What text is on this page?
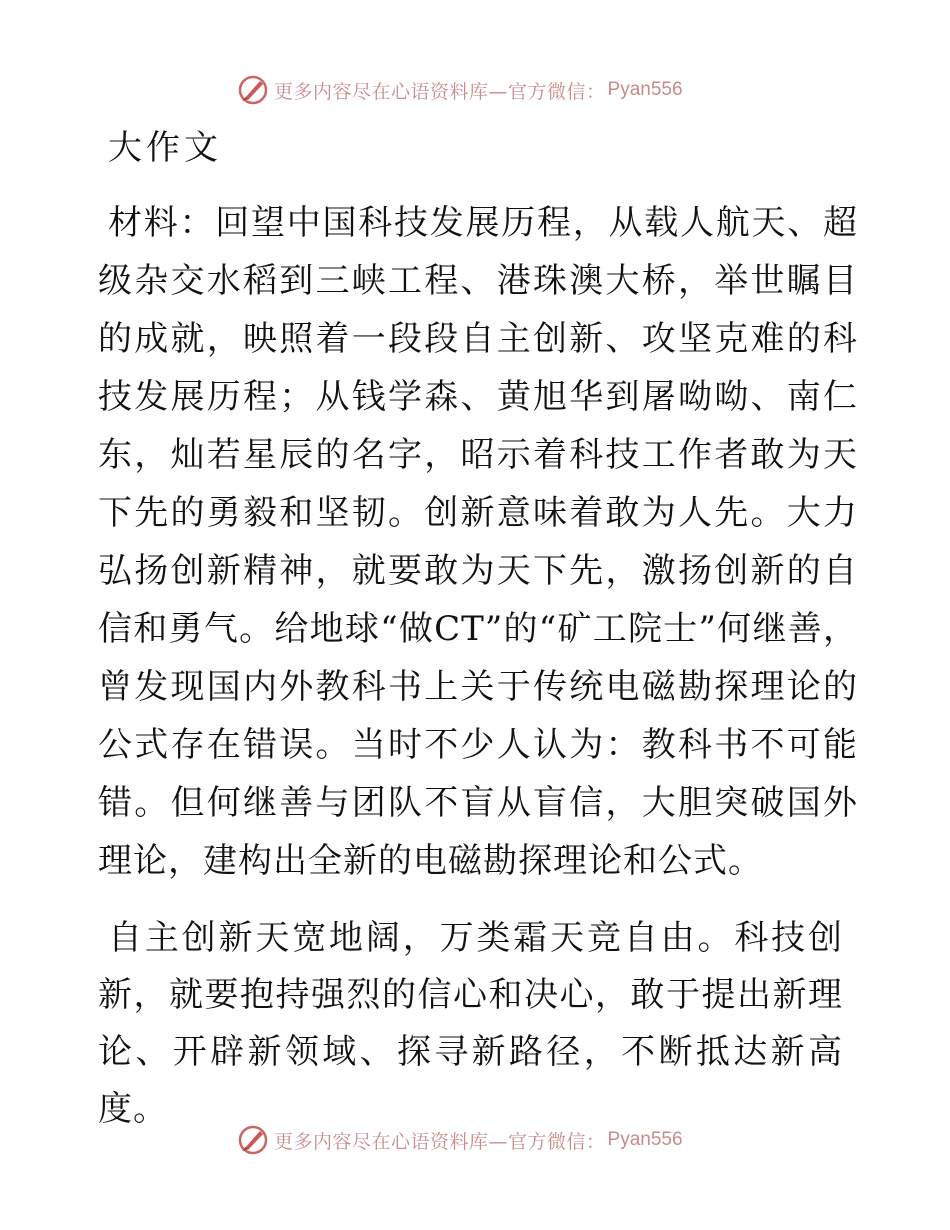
更多内容尽在心语资料库—官方微信： Pyan556
大作文

材料：回望中国科技发展历程，从载人航天、超级杂交水稻到三峡工程、港珠澳大桥，举世瞩目的成就，映照着一段段自主创新、攻坚克难的科技发展历程；从钱学森、黄旭华到屠呦呦、南仁东，灿若星辰的名字，昭示着科技工作者敢为天下先的勇毅和坚韧。创新意味着敢为人先。大力弘扬创新精神，就要敢为天下先，激扬创新的自信和勇气。给地球“做CT”的“矿工院士”何继善，曾发现国内外教科书上关于传统电磁勘探理论的公式存在错误。当时不少人认为：教科书不可能错。但何继善与团队不盲从盲信，大胆突破国外理论，建构出全新的电磁勘探理论和公式。

自主创新天宽地阔，万类霜天竞自由。科技创新，就要抱持强烈的信心和决心，敢于提出新理论、开辟新领域、探寻新路径，不断抵达新高度。

更多内容尽在心语资料库—官方微信： Pyan556
